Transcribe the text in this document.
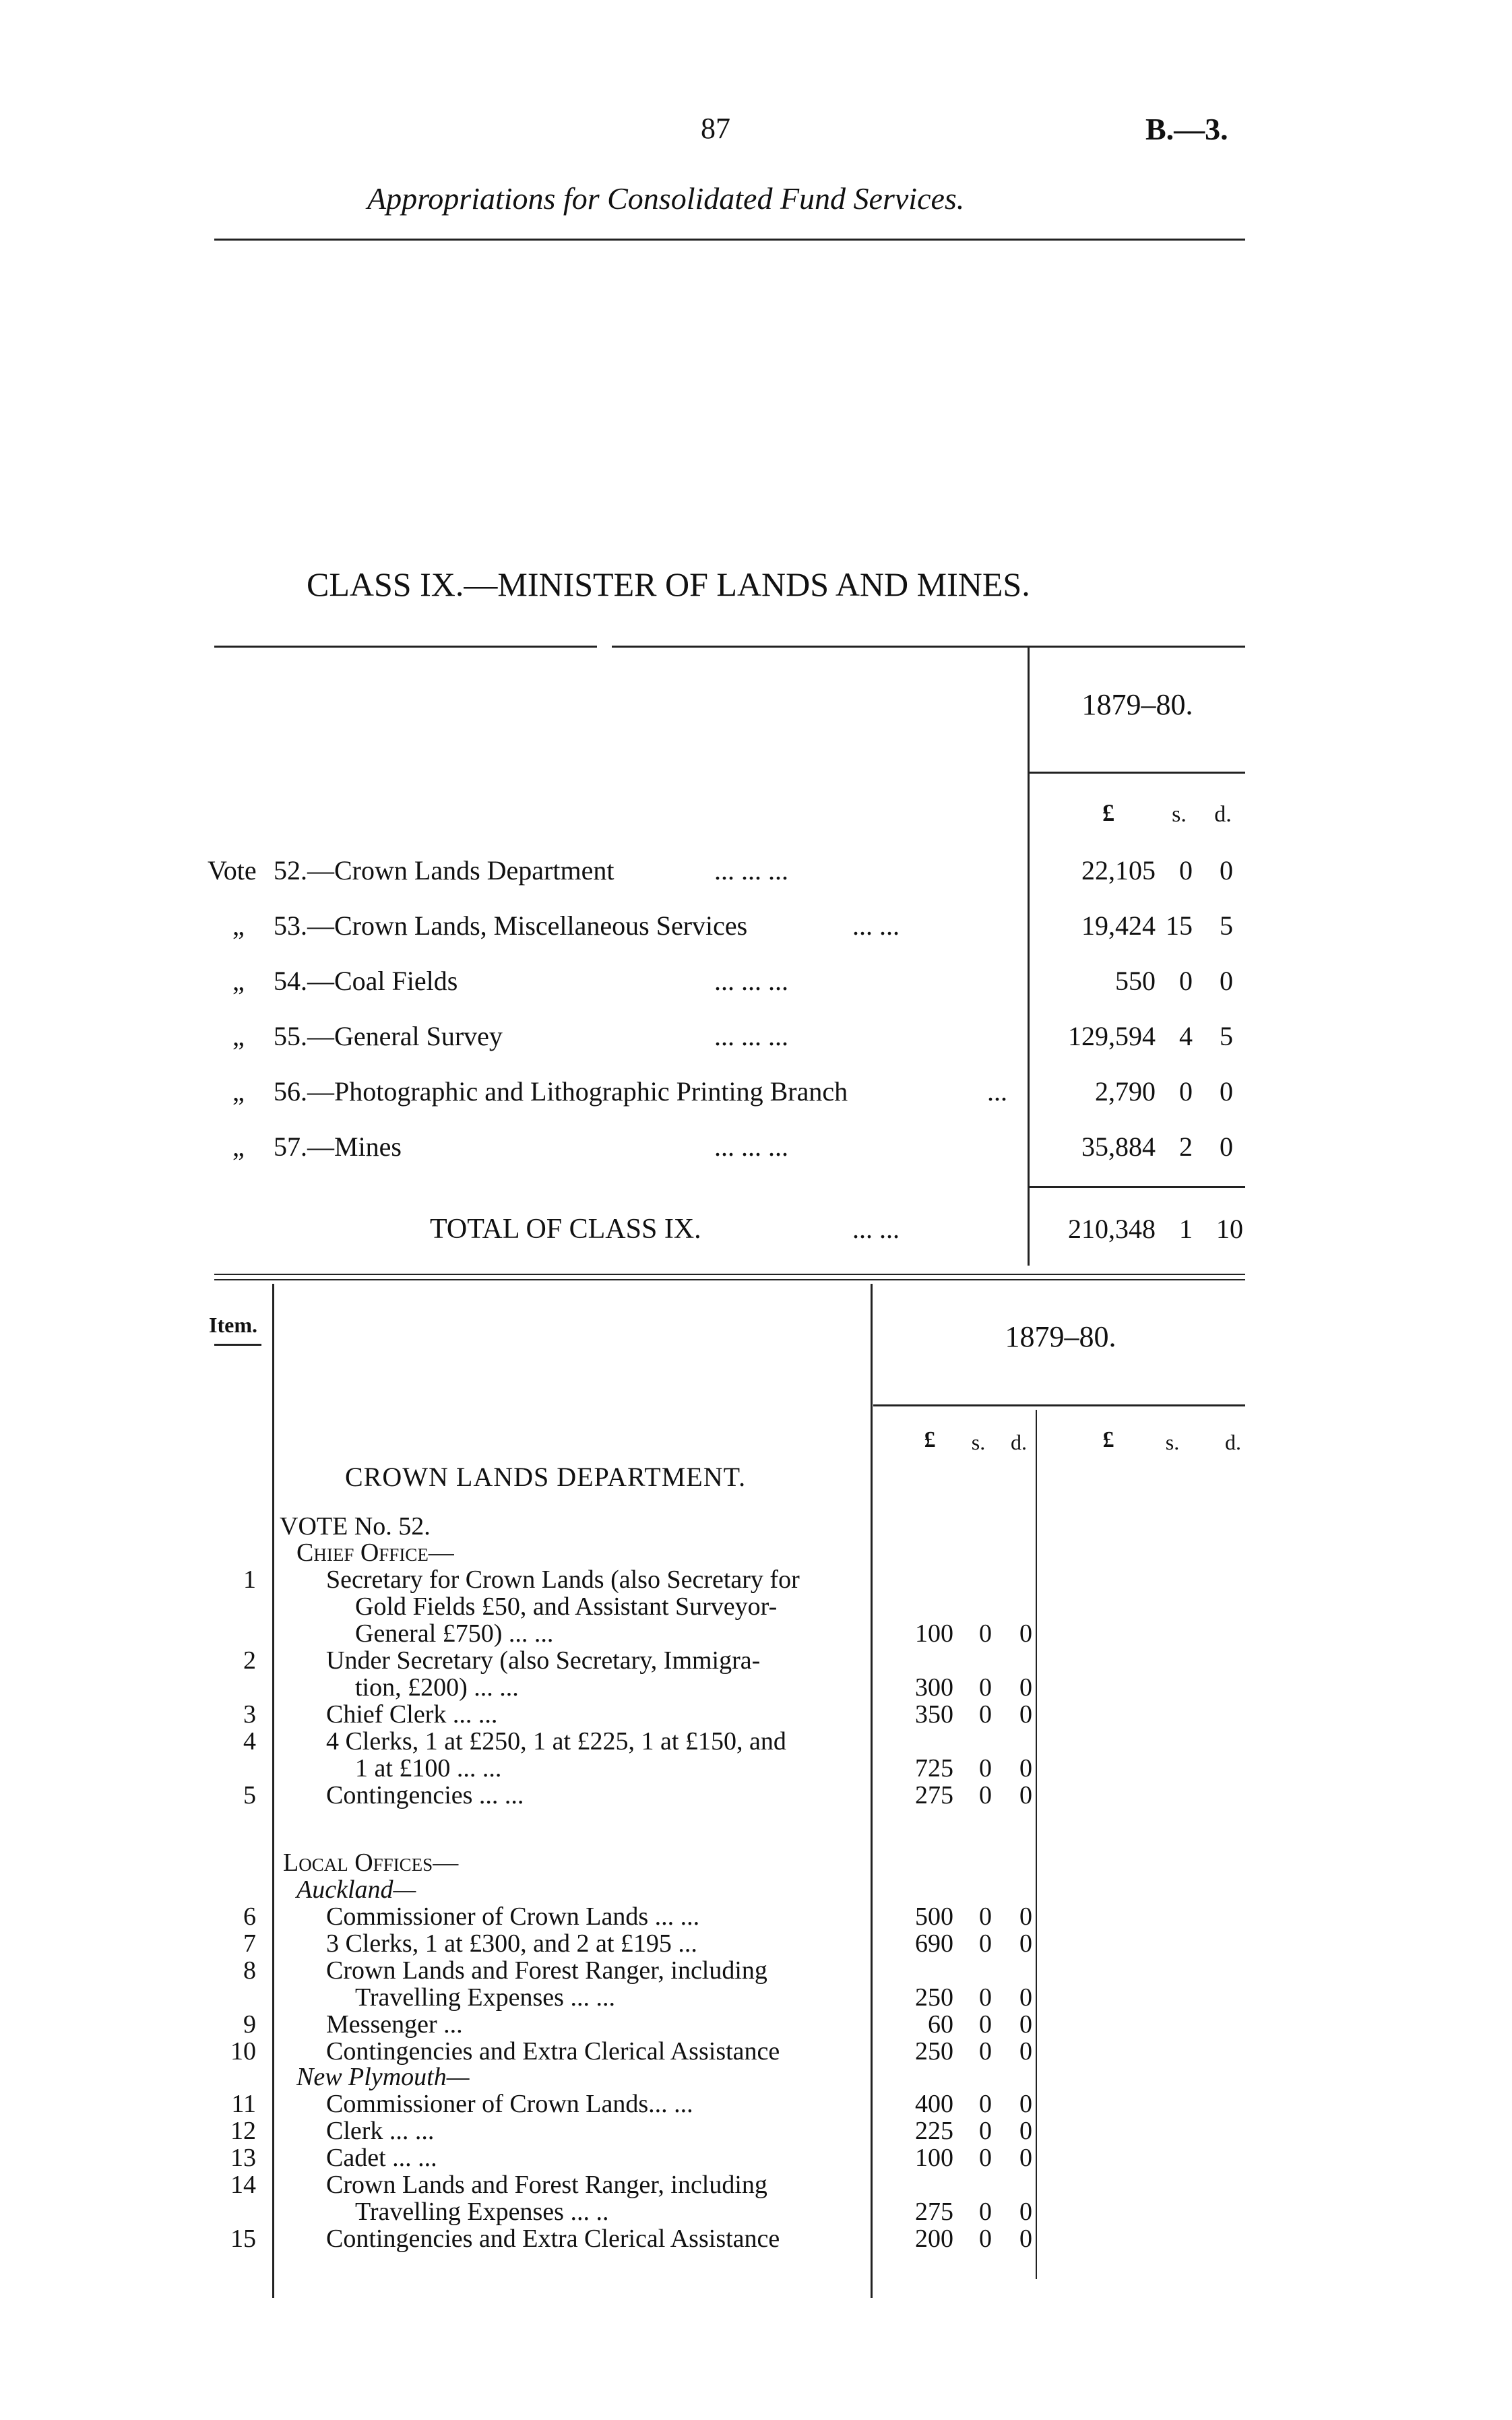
87	B.—3.
Appropriations for Consolidated Fund Services.
CLASS IX.—MINISTER OF LANDS AND MINES.
1879–80.
£	s. d.
Vote 52.—Crown Lands Department	... ... ...	22,105 0	0
„ 53.—Crown Lands, Miscellaneous Services	... ...	19,424 15	5
„ 54.—Coal Fields	... ... ...	550 0	0
„ 55.—General Survey	... ... ...	129,594 4	5
„ 56.—Photographic and Lithographic Printing Branch	...	2,790 0	0
„ 57.—Mines	... ... ...	35,884 2	0
TOTAL OF CLASS IX.	... ...	210,348 1 10
Item.	1879–80.
£	s.	d.	£	s.	d.
CROWN LANDS DEPARTMENT.
VOTE No. 52.
Chief Office—
Local Offices—
Auckland—
New Plymouth—
1	Secretary for Crown Lands (also Secretary for
Gold Fields £50, and Assistant Surveyor-
General £750) ... ...	100	0	0
2	Under Secretary (also Secretary, Immigra-
tion, £200) ... ...	300	0	0
3	Chief Clerk ... ...	350	0	0
4	4 Clerks, 1 at £250, 1 at £225, 1 at £150, and
1 at £100 ... ...	725	0	0
5	Contingencies ... ...	275	0	0
6	Commissioner of Crown Lands ... ...	500	0	0
7	3 Clerks, 1 at £300, and 2 at £195 ...	690	0	0
8	Crown Lands and Forest Ranger, including
Travelling Expenses ... ...	250	0	0
9	Messenger ...	60	0	0
10	Contingencies and Extra Clerical Assistance	250	0	0
11	Commissioner of Crown Lands... ...	400	0	0
12	Clerk ... ...	225	0	0
13	Cadet ... ...	100	0	0
14	Crown Lands and Forest Ranger, including
Travelling Expenses ... ..	275	0	0
15	Contingencies and Extra Clerical Assistance	200	0	0
